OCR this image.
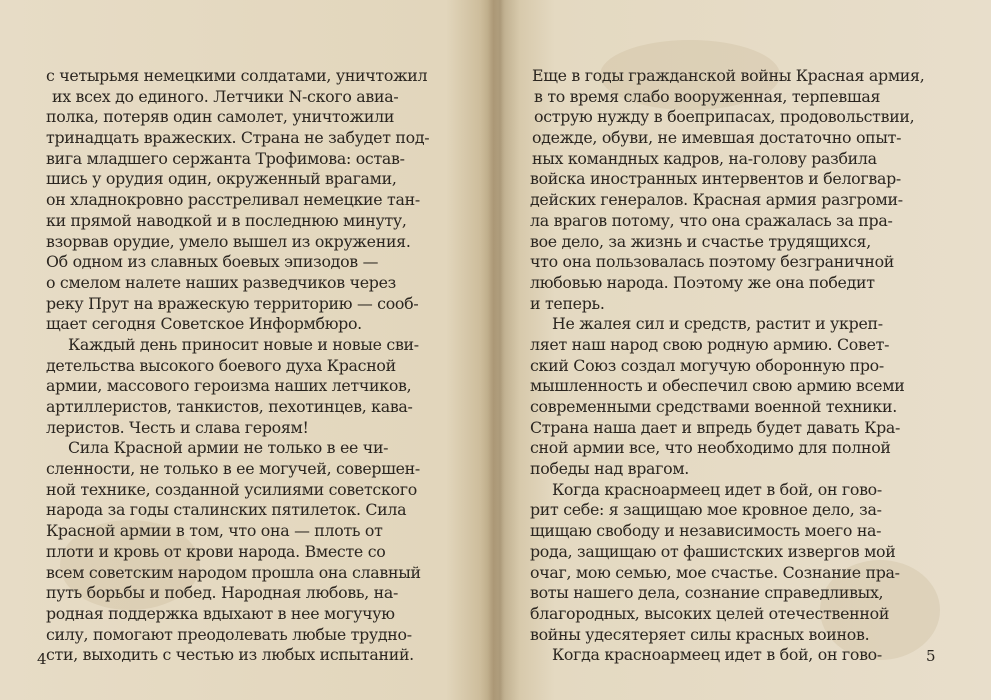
с четырьмя немецкими солдатами, уничтожил
их всех до единого. Летчики N-ского авиа-
полка, потеряв один самолет, уничтожили
тринадцать вражеских. Страна не забудет под-
вига младшего сержанта Трофимова: остав-
шись у орудия один, окруженный врагами,
он хладнокровно расстреливал немецкие тан-
ки прямой наводкой и в последнюю минуту,
взорвав орудие, умело вышел из окружения.
Об одном из славных боевых эпизодов —
о смелом налете наших разведчиков через
реку Прут на вражескую территорию — сооб-
щает сегодня Советское Информбюро.
Каждый день приносит новые и новые сви-
детельства высокого боевого духа Красной
армии, массового героизма наших летчиков,
артиллеристов, танкистов, пехотинцев, кава-
леристов. Честь и слава героям!
Сила Красной армии не только в ее чи-
сленности, не только в ее могучей, совершен-
ной технике, созданной усилиями советского
народа за годы сталинских пятилеток. Сила
Красной армии в том, что она — плоть от
плоти и кровь от крови народа. Вместе со
всем советским народом прошла она славный
путь борьбы и побед. Народная любовь, на-
родная поддержка вдыхают в нее могучую
силу, помогают преодолевать любые трудно-
сти, выходить с честью из любых испытаний.
4
Еще в годы гражданской войны Красная армия,
в то время слабо вооруженная, терпевшая
острую нужду в боеприпасах, продовольствии,
одежде, обуви, не имевшая достаточно опыт-
ных командных кадров, на-голову разбила
войска иностранных интервентов и белогвар-
дейских генералов. Красная армия разгроми-
ла врагов потому, что она сражалась за пра-
вое дело, за жизнь и счастье трудящихся,
что она пользовалась поэтому безграничной
любовью народа. Поэтому же она победит
и теперь.
Не жалея сил и средств, растит и укреп-
ляет наш народ свою родную армию. Совет-
ский Союз создал могучую оборонную про-
мышленность и обеспечил свою армию всеми
современными средствами военной техники.
Страна наша дает и впредь будет давать Кра-
сной армии все, что необходимо для полной
победы над врагом.
Когда красноармеец идет в бой, он гово-
рит себе: я защищаю мое кровное дело, за-
щищаю свободу и независимость моего на-
рода, защищаю от фашистских извергов мой
очаг, мою семью, мое счастье. Сознание пра-
воты нашего дела, сознание справедливых,
благородных, высоких целей отечественной
войны удесятеряет силы красных воинов.
Когда красноармеец идет в бой, он гово-	5
